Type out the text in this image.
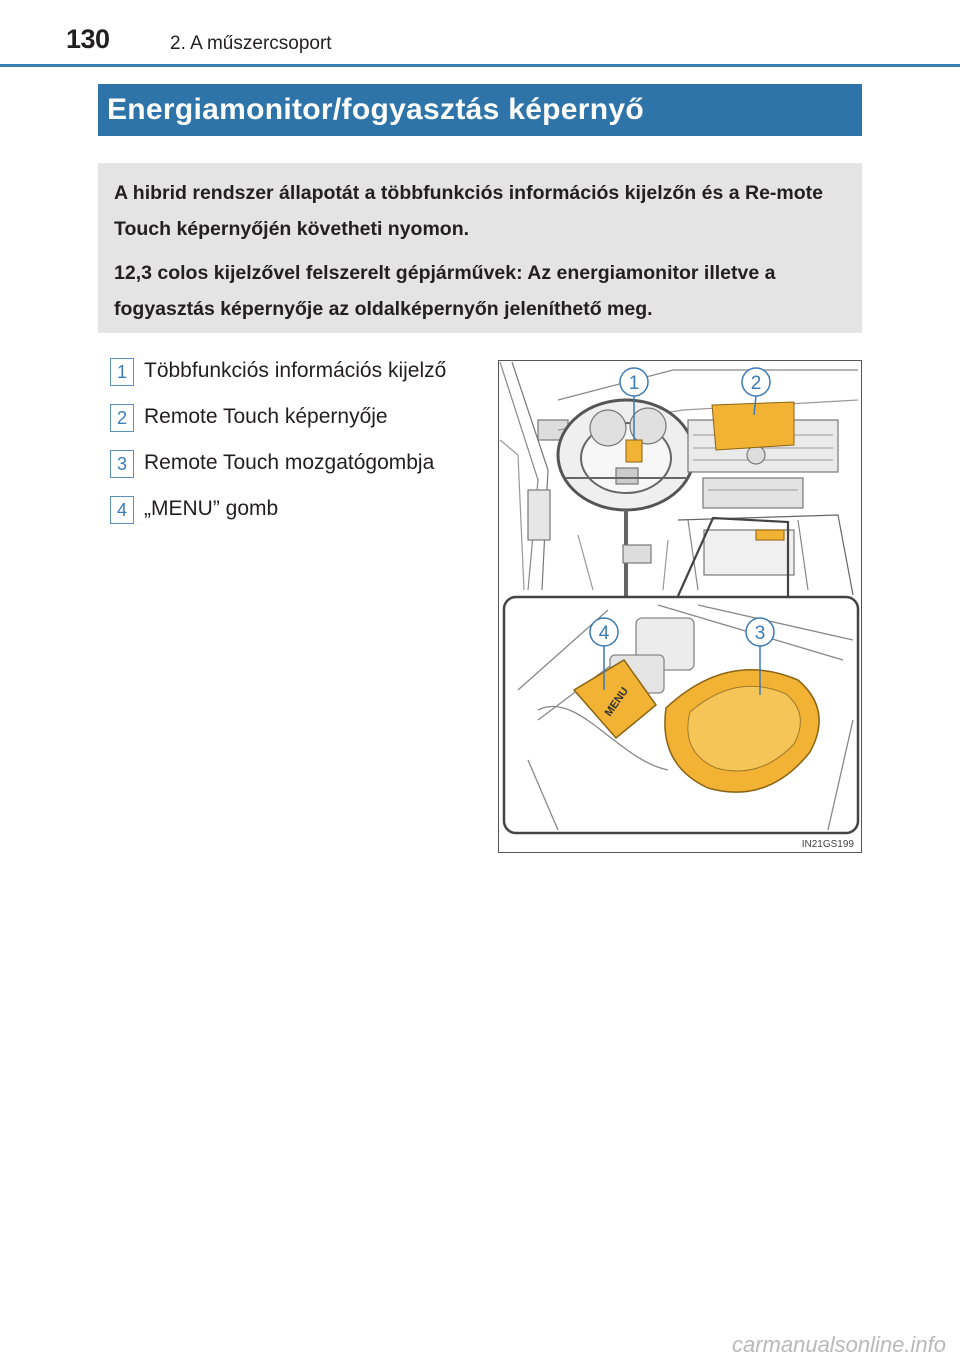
130	2. A műszercsoport
Energiamonitor/fogyasztás képernyő

A hibrid rendszer állapotát a többfunkciós információs kijelzőn és a Re-mote Touch képernyőjén követheti nyomon.

12,3 colos kijelzővel felszerelt gépjárművek: Az energiamonitor illetve a fogyasztás képernyője az oldalképernyőn jeleníthető meg.

1 Többfunkciós információs kijelző
2 Remote Touch képernyője
3 Remote Touch mozgatógombja
4 „MENU” gomb
1	2
MENU
4	3
IN21GS199
carmanualsonline.info
